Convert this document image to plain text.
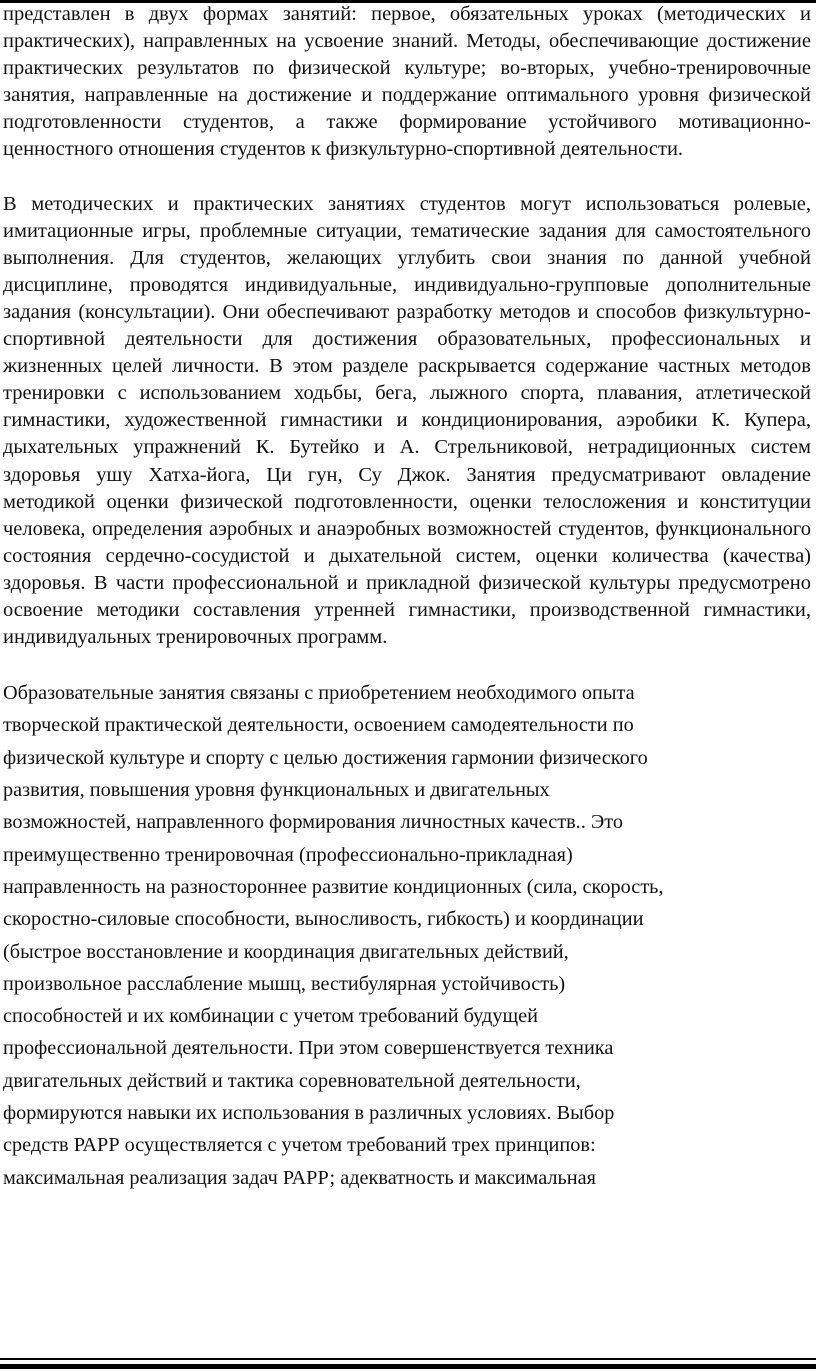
представлен в двух формах занятий: первое, обязательных уроках (методических и практических), направленных на усвоение знаний. Методы, обеспечивающие достижение практических результатов по физической культуре; во-вторых, учебно-тренировочные занятия, направленные на достижение и поддержание оптимального уровня физической подготовленности студентов, а также формирование устойчивого мотивационно-ценностного отношения студентов к физкультурно-спортивной деятельности.

В методических и практических занятиях студентов могут использоваться ролевые, имитационные игры, проблемные ситуации, тематические задания для самостоятельного выполнения. Для студентов, желающих углубить свои знания по данной учебной дисциплине, проводятся индивидуальные, индивидуально-групповые дополнительные задания (консультации). Они обеспечивают разработку методов и способов физкультурно-спортивной деятельности для достижения образовательных, профессиональных и жизненных целей личности. В этом разделе раскрывается содержание частных методов тренировки с использованием ходьбы, бега, лыжного спорта, плавания, атлетической гимнастики, художественной гимнастики и кондиционирования, аэробики К. Купера, дыхательных упражнений К. Бутейко и А. Стрельниковой, нетрадиционных систем здоровья ушу Хатха-йога, Ци гун, Су Джок. Занятия предусматривают овладение методикой оценки физической подготовленности, оценки телосложения и конституции человека, определения аэробных и анаэробных возможностей студентов, функционального состояния сердечно-сосудистой и дыхательной систем, оценки количества (качества) здоровья. В части профессиональной и прикладной физической культуры предусмотрено освоение методики составления утренней гимнастики, производственной гимнастики, индивидуальных тренировочных программ.

Образовательные занятия связаны с приобретением необходимого опыта
творческой практической деятельности, освоением самодеятельности по
физической культуре и спорту с целью достижения гармонии физического
развития, повышения уровня функциональных и двигательных
возможностей, направленного формирования личностных качеств.. Это
преимущественно тренировочная (профессионально-прикладная)
направленность на разностороннее развитие кондиционных (сила, скорость,
скоростно-силовые способности, выносливость, гибкость) и координации
(быстрое восстановление и координация двигательных действий,
произвольное расслабление мышц, вестибулярная устойчивость)
способностей и их комбинации с учетом требований будущей
профессиональной деятельности. При этом совершенствуется техника
двигательных действий и тактика соревновательной деятельности,
формируются навыки их использования в различных условиях. Выбор
средств РАРР осуществляется с учетом требований трех принципов:
максимальная реализация задач РАРР; адекватность и максимальная
